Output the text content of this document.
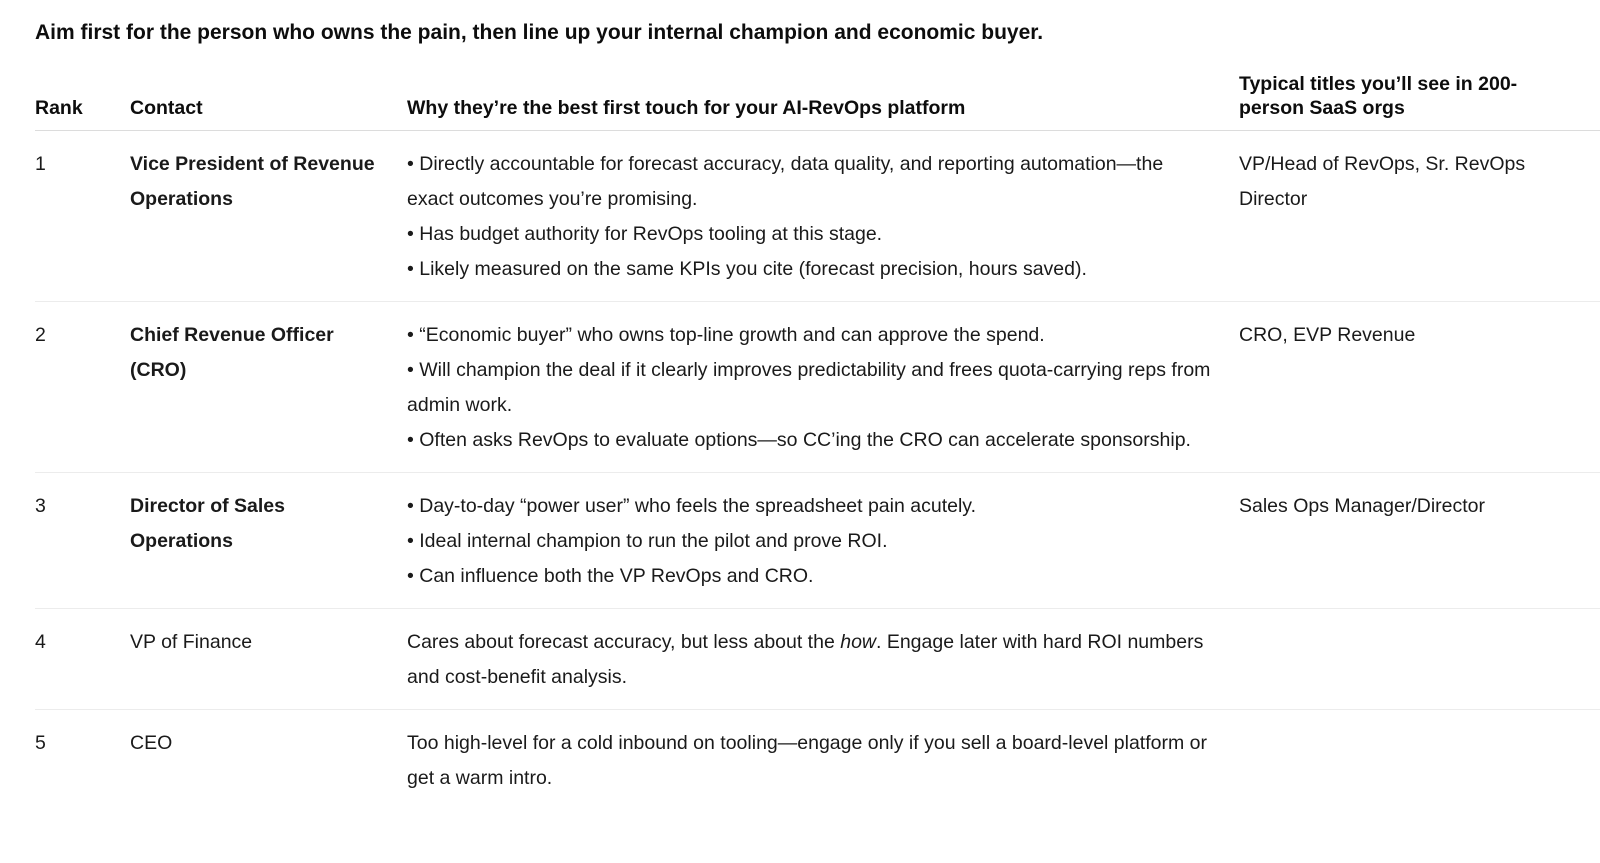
Aim first for the person who owns the pain, then line up your internal champion and economic buyer.
Rank	Contact	Why they’re the best first touch for your AI-RevOps platform	Typical titles you’ll see in 200-person SaaS orgs
1	Vice President of Revenue Operations	• Directly accountable for forecast accuracy, data quality, and reporting automation—the exact outcomes you’re promising.
• Has budget authority for RevOps tooling at this stage.
• Likely measured on the same KPIs you cite (forecast precision, hours saved).	VP/Head of RevOps, Sr. RevOps Director
2	Chief Revenue Officer (CRO)	• “Economic buyer” who owns top-line growth and can approve the spend.
• Will champion the deal if it clearly improves predictability and frees quota-carrying reps from admin work.
• Often asks RevOps to evaluate options—so CC’ing the CRO can accelerate sponsorship.	CRO, EVP Revenue
3	Director of Sales Operations	• Day-to-day “power user” who feels the spreadsheet pain acutely.
• Ideal internal champion to run the pilot and prove ROI.
• Can influence both the VP RevOps and CRO.	Sales Ops Manager/Director
4	VP of Finance	Cares about forecast accuracy, but less about the how. Engage later with hard ROI numbers and cost-benefit analysis.	
5	CEO	Too high-level for a cold inbound on tooling—engage only if you sell a board-level platform or get a warm intro.	
